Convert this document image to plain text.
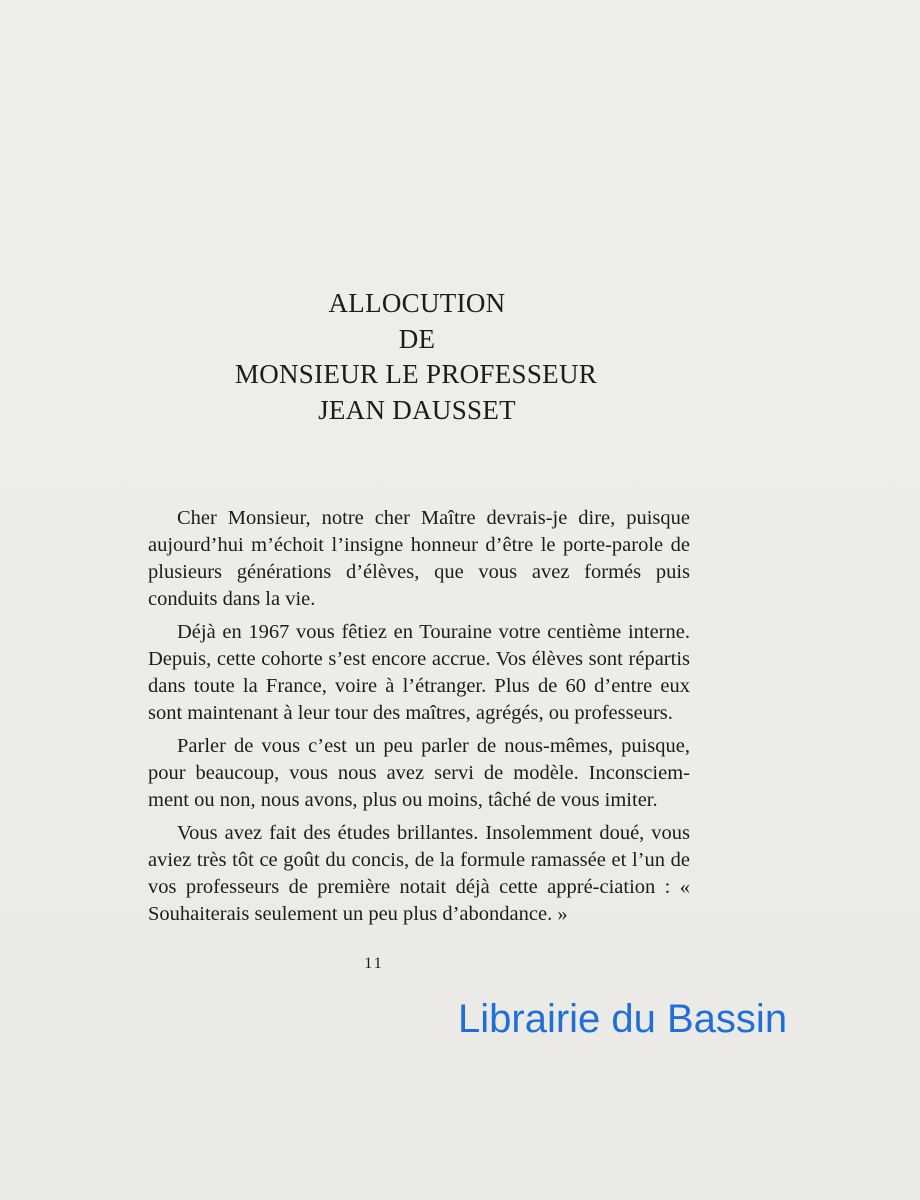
ALLOCUTION
DE
MONSIEUR LE PROFESSEUR
JEAN DAUSSET

Cher Monsieur, notre cher Maître devrais-je dire, puisque aujourd’hui m’échoit l’insigne honneur d’être le porte-parole de plusieurs générations d’élèves, que vous avez formés puis conduits dans la vie.

Déjà en 1967 vous fêtiez en Touraine votre centième interne. Depuis, cette cohorte s’est encore accrue. Vos élèves sont répartis dans toute la France, voire à l’étranger. Plus de 60 d’entre eux sont maintenant à leur tour des maîtres, agrégés, ou professeurs.

Parler de vous c’est un peu parler de nous-mêmes, puisque, pour beaucoup, vous nous avez servi de modèle. Inconsciem-ment ou non, nous avons, plus ou moins, tâché de vous imiter.

Vous avez fait des études brillantes. Insolemment doué, vous aviez très tôt ce goût du concis, de la formule ramassée et l’un de vos professeurs de première notait déjà cette appré-ciation : « Souhaiterais seulement un peu plus d’abondance. »

11
Librairie du Bassin
